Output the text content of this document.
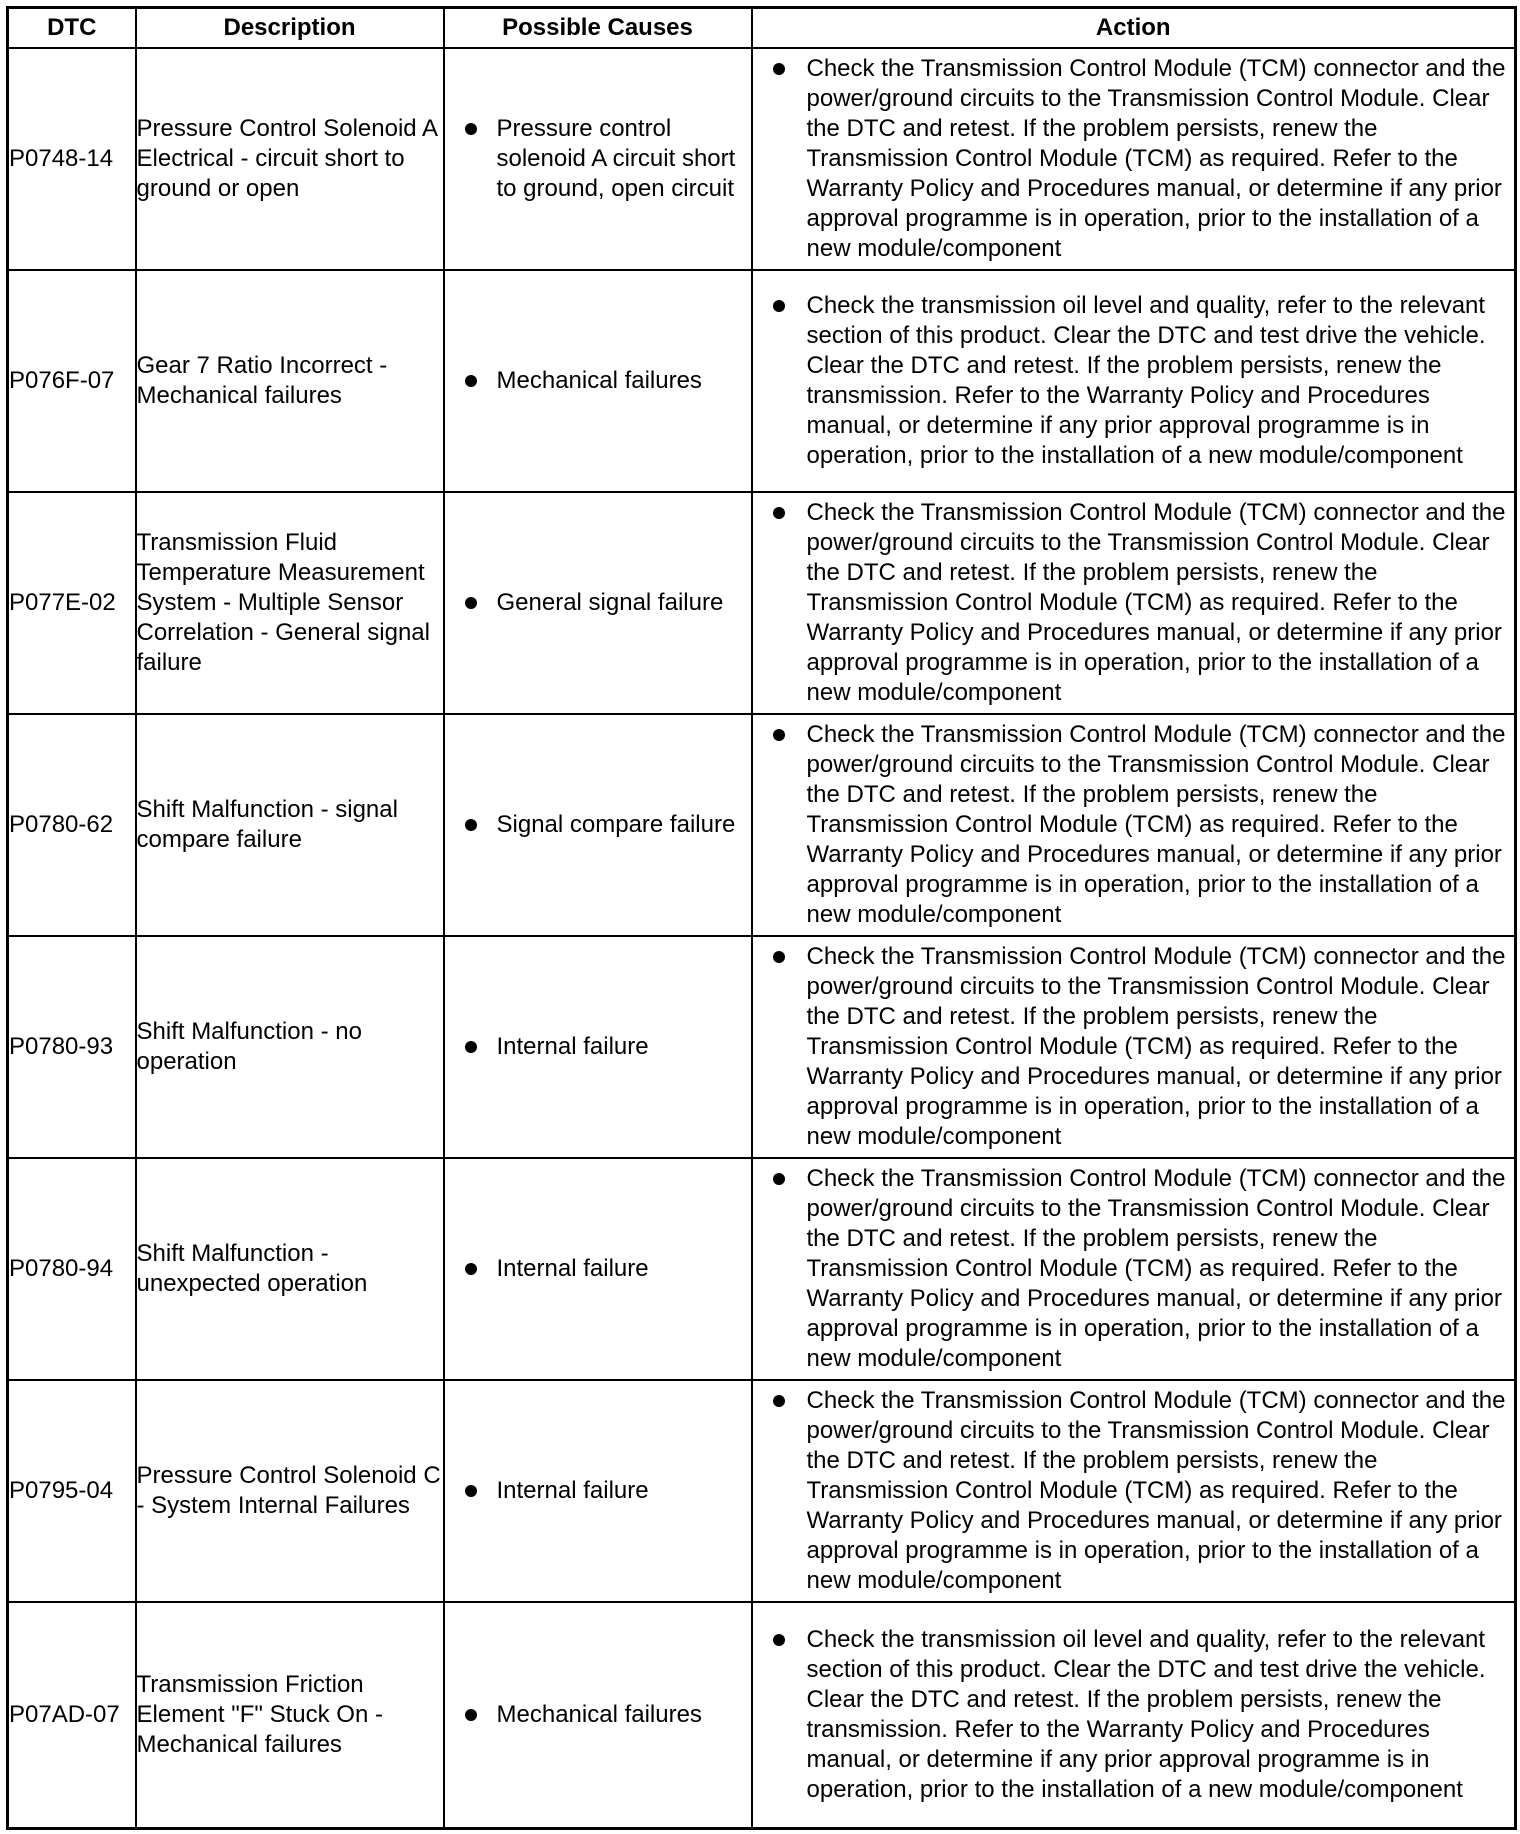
DTC	Description	Possible Causes	Action
P0748-14	Pressure Control Solenoid A Electrical - circuit short to ground or open	Pressure control solenoid A circuit short to ground, open circuit	Check the Transmission Control Module (TCM) connector and the power/ground circuits to the Transmission Control Module. Clear the DTC and retest. If the problem persists, renew the Transmission Control Module (TCM) as required. Refer to the Warranty Policy and Procedures manual, or determine if any prior approval programme is in operation, prior to the installation of a new module/component

P076F-07	Gear 7 Ratio Incorrect - Mechanical failures	Mechanical failures	Check the transmission oil level and quality, refer to the relevant section of this product. Clear the DTC and test drive the vehicle. Clear the DTC and retest. If the problem persists, renew the transmission. Refer to the Warranty Policy and Procedures manual, or determine if any prior approval programme is in operation, prior to the installation of a new module/component

P077E-02	Transmission Fluid Temperature Measurement System - Multiple Sensor Correlation - General signal failure	General signal failure	Check the Transmission Control Module (TCM) connector and the power/ground circuits to the Transmission Control Module. Clear the DTC and retest. If the problem persists, renew the Transmission Control Module (TCM) as required. Refer to the Warranty Policy and Procedures manual, or determine if any prior approval programme is in operation, prior to the installation of a new module/component

P0780-62	Shift Malfunction - signal compare failure	Signal compare failure	Check the Transmission Control Module (TCM) connector and the power/ground circuits to the Transmission Control Module. Clear the DTC and retest. If the problem persists, renew the Transmission Control Module (TCM) as required. Refer to the Warranty Policy and Procedures manual, or determine if any prior approval programme is in operation, prior to the installation of a new module/component

P0780-93	Shift Malfunction - no operation	Internal failure	Check the Transmission Control Module (TCM) connector and the power/ground circuits to the Transmission Control Module. Clear the DTC and retest. If the problem persists, renew the Transmission Control Module (TCM) as required. Refer to the Warranty Policy and Procedures manual, or determine if any prior approval programme is in operation, prior to the installation of a new module/component

P0780-94	Shift Malfunction - unexpected operation	Internal failure	Check the Transmission Control Module (TCM) connector and the power/ground circuits to the Transmission Control Module. Clear the DTC and retest. If the problem persists, renew the Transmission Control Module (TCM) as required. Refer to the Warranty Policy and Procedures manual, or determine if any prior approval programme is in operation, prior to the installation of a new module/component

P0795-04	Pressure Control Solenoid C - System Internal Failures	Internal failure	Check the Transmission Control Module (TCM) connector and the power/ground circuits to the Transmission Control Module. Clear the DTC and retest. If the problem persists, renew the Transmission Control Module (TCM) as required. Refer to the Warranty Policy and Procedures manual, or determine if any prior approval programme is in operation, prior to the installation of a new module/component

P07AD-07	Transmission Friction Element "F" Stuck On - Mechanical failures	Mechanical failures	Check the transmission oil level and quality, refer to the relevant section of this product. Clear the DTC and test drive the vehicle. Clear the DTC and retest. If the problem persists, renew the transmission. Refer to the Warranty Policy and Procedures manual, or determine if any prior approval programme is in operation, prior to the installation of a new module/component
